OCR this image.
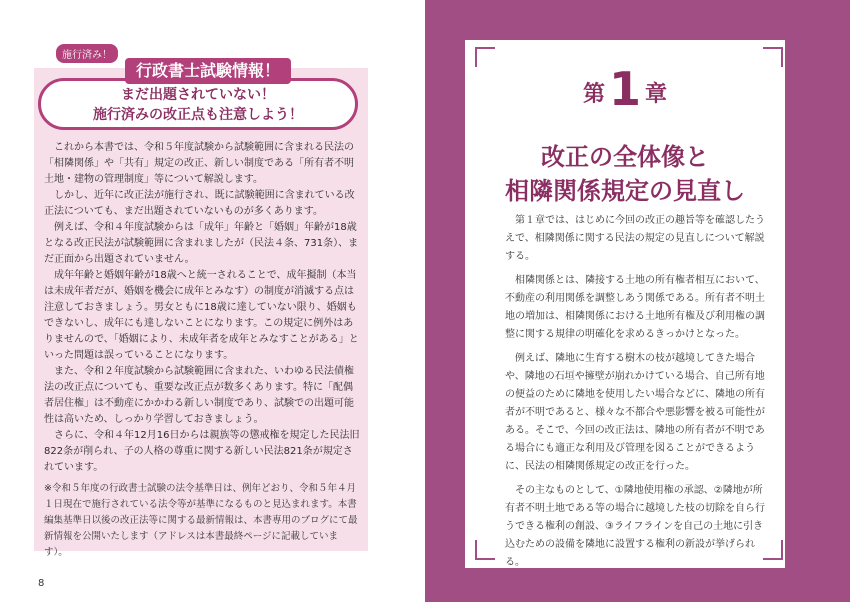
施行済み！
まだ出題されていない！
施行済みの改正点も注意しよう！
行政書士試験情報！

これから本書では、令和５年度試験から試験範囲に含まれる民法の「相隣関係」や「共有」規定の改正、新しい制度である「所有者不明土地・建物の管理制度」等について解説します。

しかし、近年に改正法が施行され、既に試験範囲に含まれている改正法についても、まだ出題されていないものが多くあります。

例えば、令和４年度試験からは「成年」年齢と「婚姻」年齢が18歳となる改正民法が試験範囲に含まれましたが（民法４条、731条）、まだ正面から出題されていません。

成年年齢と婚姻年齢が18歳へと統一されることで、成年擬制（本当は未成年者だが、婚姻を機会に成年とみなす）の制度が消滅する点は注意しておきましょう。男女ともに18歳に達していない限り、婚姻もできないし、成年にも達しないことになります。この規定に例外はありませんので、「婚姻により、未成年者を成年とみなすことがある」といった問題は誤っていることになります。

また、令和２年度試験から試験範囲に含まれた、いわゆる民法債権法の改正点についても、重要な改正点が数多くあります。特に「配偶者居住権」は不動産にかかわる新しい制度であり、試験での出題可能性は高いため、しっかり学習しておきましょう。

さらに、令和４年12月16日からは親族等の懲戒権を規定した民法旧822条が削られ、子の人格の尊重に関する新しい民法821条が規定されています。

※令和５年度の行政書士試験の法令基準日は、例年どおり、令和５年４月１日現在で施行されている法令等が基準になるものと見込まれます。本書編集基準日以後の改正法等に関する最新情報は、本書専用のブログにて最新情報を公開いたします（アドレスは本書最終ページに記載しています）。
8
第1 章
改正の全体像と
相隣関係規定の見直し

第１章では、はじめに今回の改正の趣旨等を確認したうえで、相隣関係に関する民法の規定の見直しについて解説する。

相隣関係とは、隣接する土地の所有権者相互において、不動産の利用関係を調整しあう関係である。所有者不明土地の増加は、相隣関係における土地所有権及び利用権の調整に関する規律の明確化を求めるきっかけとなった。

例えば、隣地に生育する樹木の枝が越境してきた場合や、隣地の石垣や擁壁が崩れかけている場合、自己所有地の便益のために隣地を使用したい場合などに、隣地の所有者が不明であると、様々な不都合や悪影響を被る可能性がある。そこで、今回の改正法は、隣地の所有者が不明である場合にも適正な利用及び管理を図ることができるように、民法の相隣関係規定の改正を行った。

その主なものとして、①隣地使用権の承認、②隣地が所有者不明土地である等の場合に越境した枝の切除を自ら行うできる権利の創設、③ライフラインを自己の土地に引き込むための設備を隣地に設置する権利の新設が挙げられる。
